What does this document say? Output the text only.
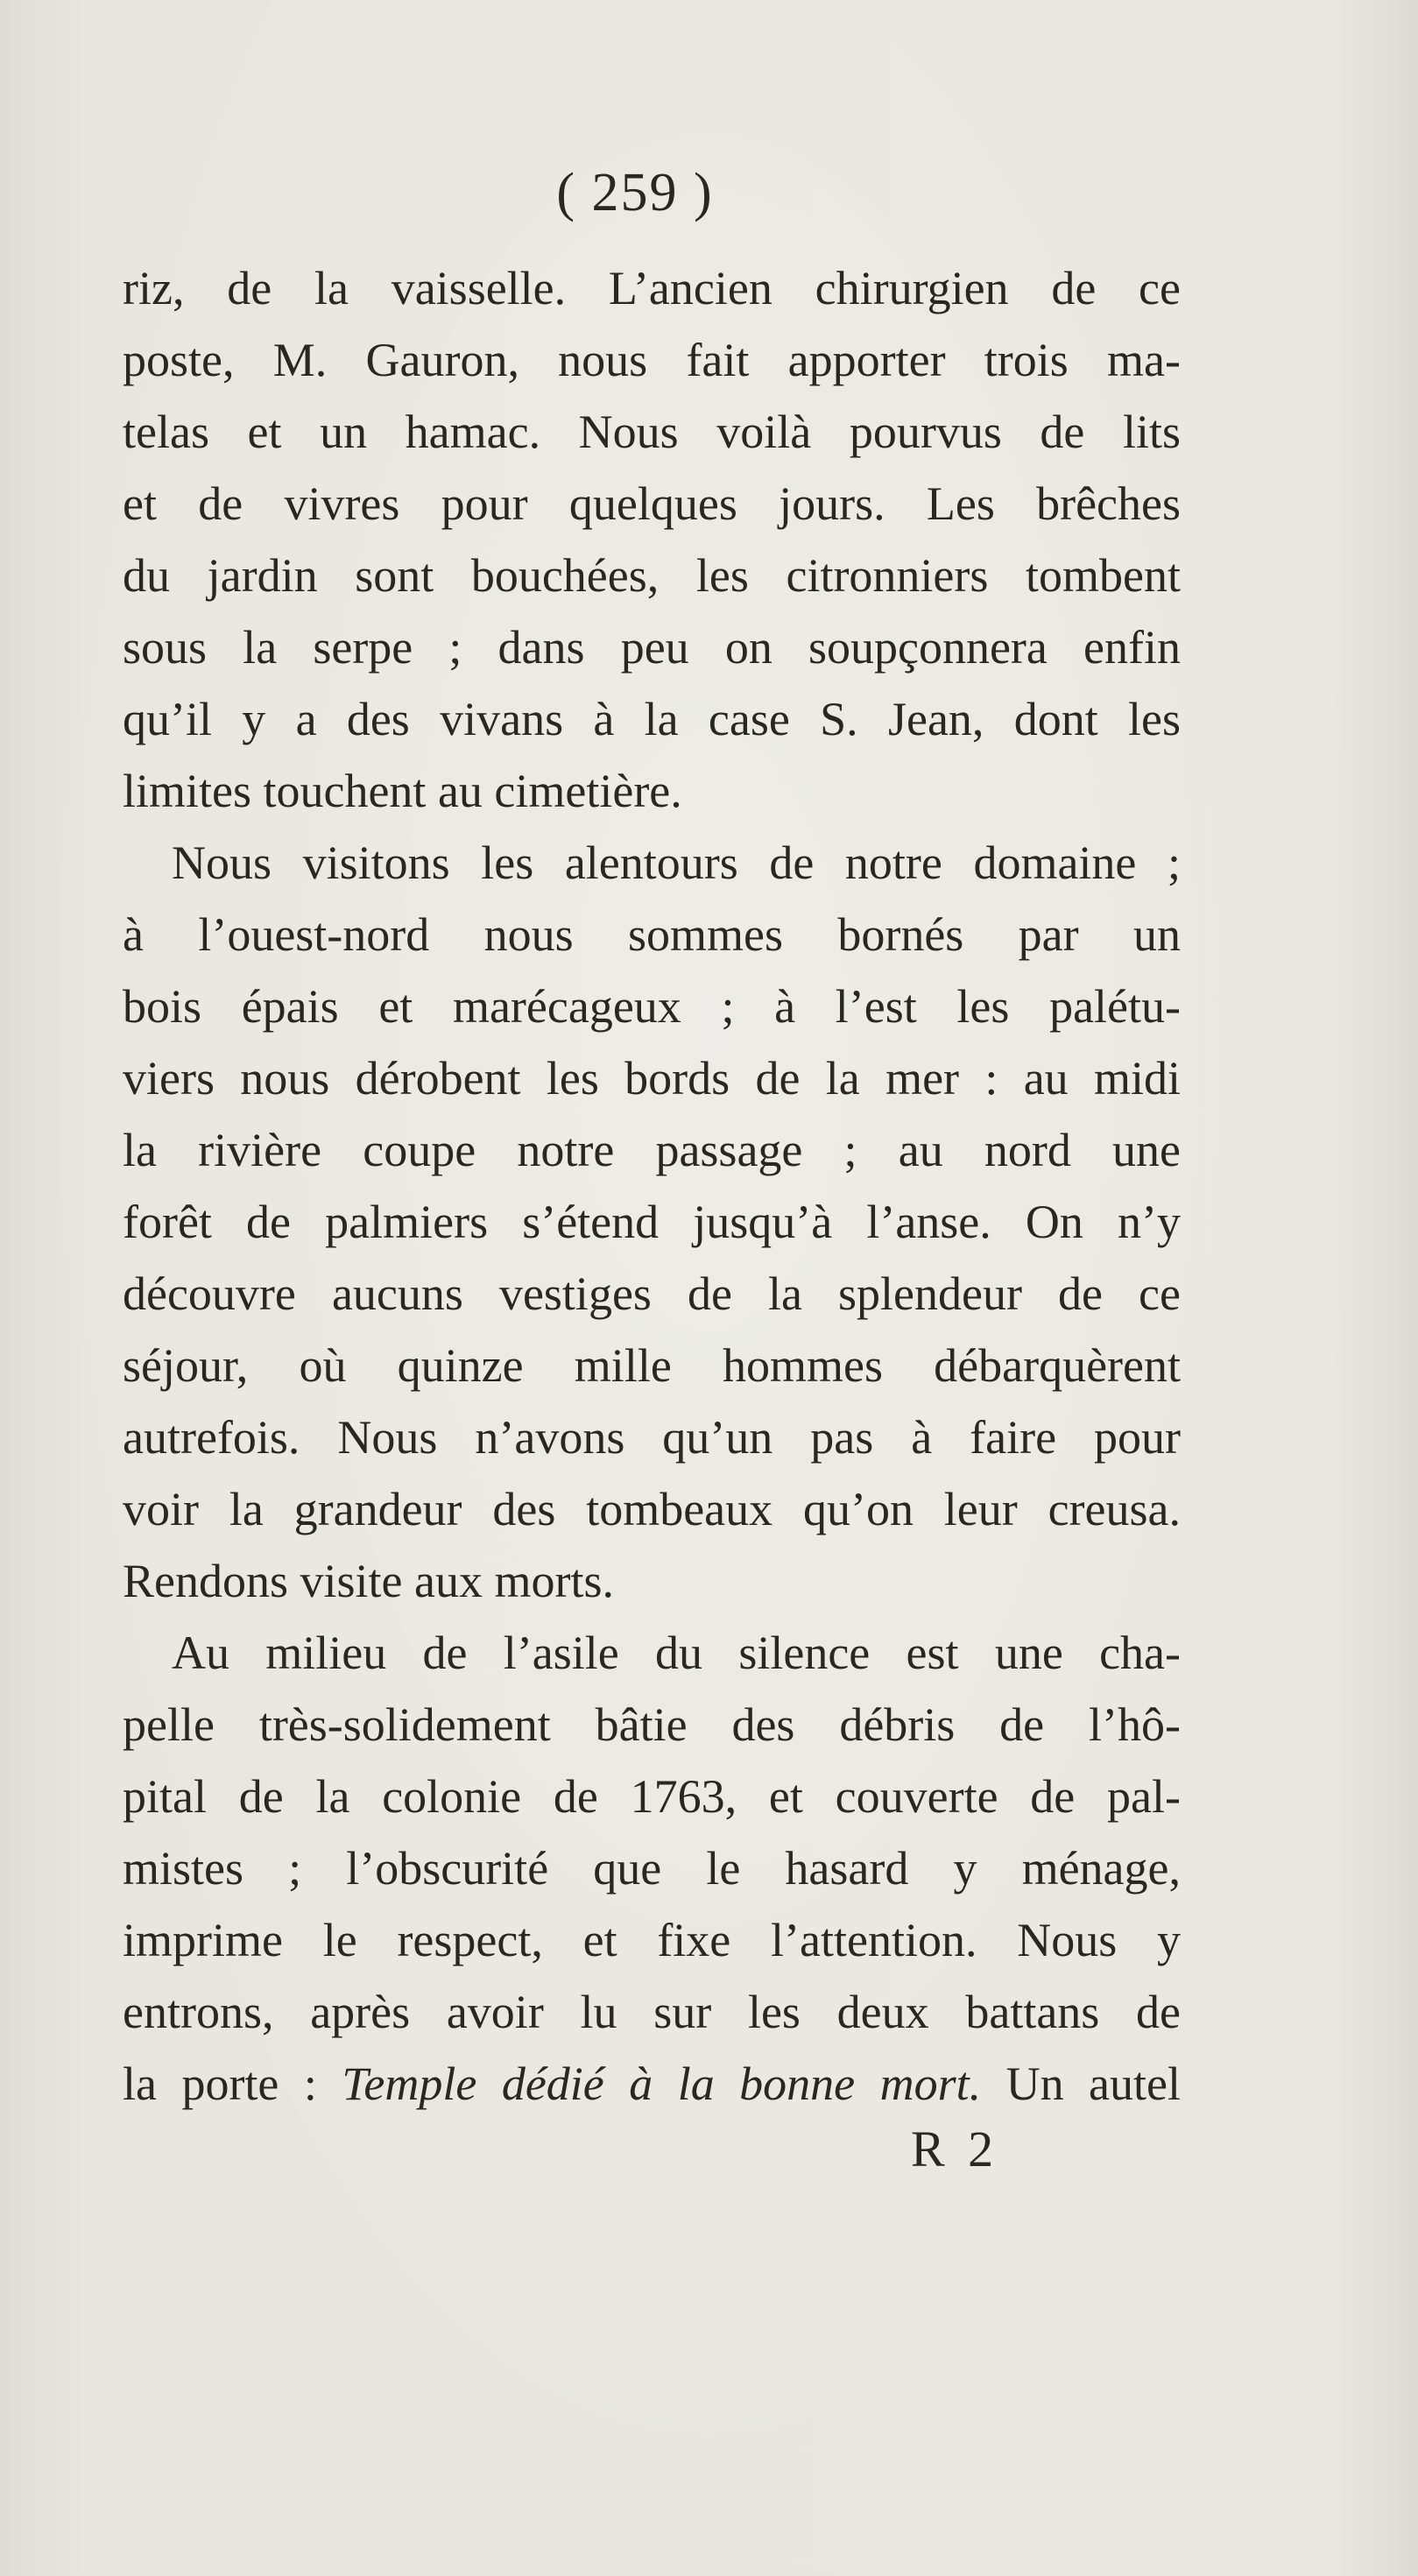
( 259 )
riz, de la vaisselle. L’ancien chirurgien de ce
poste, M. Gauron, nous fait apporter trois ma-
telas et un hamac. Nous voilà pourvus de lits
et de vivres pour quelques jours. Les brêches
du jardin sont bouchées, les citronniers tombent
sous la serpe ; dans peu on soupçonnera enfin
qu’il y a des vivans à la case S. Jean, dont les
limites touchent au cimetière.
Nous visitons les alentours de notre domaine ;
à l’ouest-nord nous sommes bornés par un
bois épais et marécageux ; à l’est les palétu-
viers nous dérobent les bords de la mer : au midi
la rivière coupe notre passage ; au nord une
forêt de palmiers s’étend jusqu’à l’anse. On n’y
découvre aucuns vestiges de la splendeur de ce
séjour, où quinze mille hommes débarquèrent
autrefois. Nous n’avons qu’un pas à faire pour
voir la grandeur des tombeaux qu’on leur creusa.
Rendons visite aux morts.
Au milieu de l’asile du silence est une cha-
pelle très-solidement bâtie des débris de l’hô-
pital de la colonie de 1763, et couverte de pal-
mistes ; l’obscurité que le hasard y ménage,
imprime le respect, et fixe l’attention. Nous y
entrons, après avoir lu sur les deux battans de
la porte : Temple dédié à la bonne mort. Un autel
R 2
